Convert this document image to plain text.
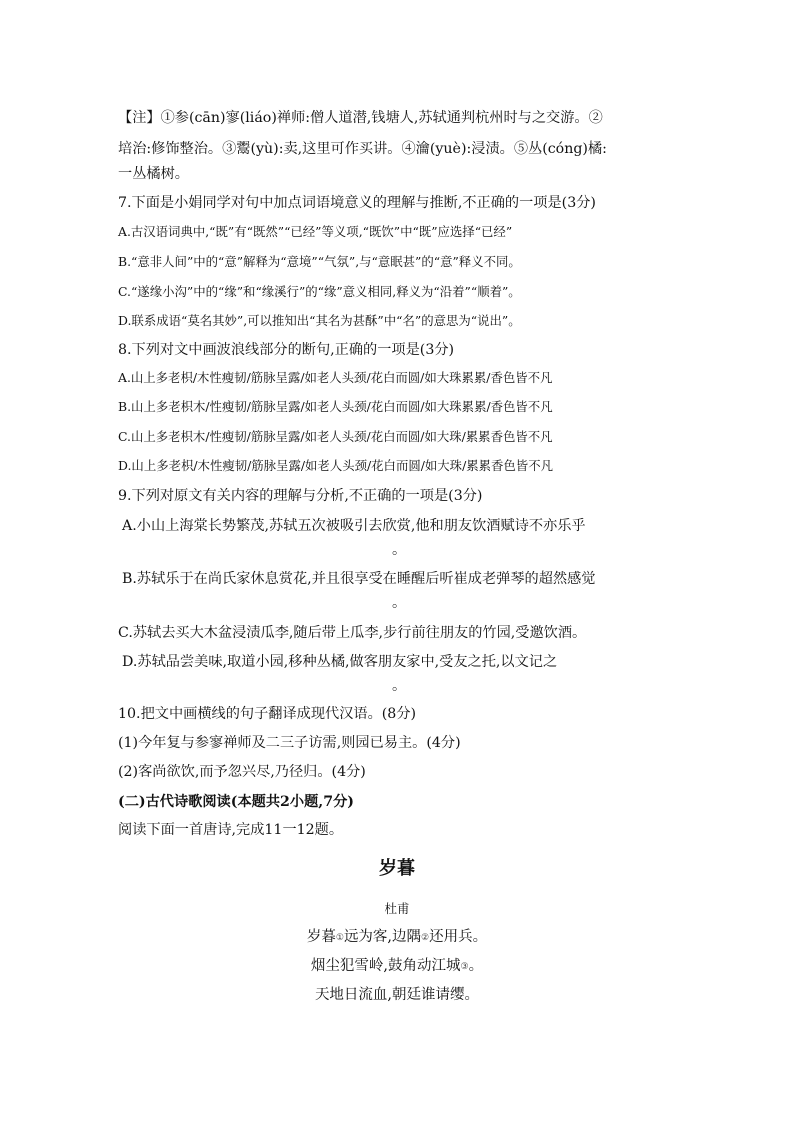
【注】①参(cān)寥(liáo)禅师:僧人道潜,钱塘人,苏轼通判杭州时与之交游。②
培治:修饰整治。③鬻(yù):卖,这里可作买讲。④瀹(yuè):浸渍。⑤丛(cóng)橘:
一丛橘树。
7.下面是小娟同学对句中加点词语境意义的理解与推断,不正确的一项是(3分)
A.古汉语词典中,“既”有“既然”“已经”等义项,“既饮”中“既”应选择“已经”
B.“意非人间”中的“意”解释为“意境”“气氛”,与“意眠甚”的“意”释义不同。
C.“遂缘小沟”中的“缘”和“缘溪行”的“缘”意义相同,释义为“沿着”“顺着”。
D.联系成语“莫名其妙”,可以推知出“其名为甚酥”中“名”的意思为“说出”。
8.下列对文中画波浪线部分的断句,正确的一项是(3分)
A.山上多老枳/木性瘦韧/筋脉呈露/如老人头颈/花白而圆/如大珠累累/香色皆不凡
B.山上多老枳木/性瘦韧/筋脉呈露/如老人头颈/花白而圆/如大珠累累/香色皆不凡
C.山上多老枳木/性瘦韧/筋脉呈露/如老人头颈/花白而圆/如大珠/累累香色皆不凡
D.山上多老枳/木性瘦韧/筋脉呈露/如老人头颈/花白而圆/如大珠/累累香色皆不凡
9.下列对原文有关内容的理解与分析,不正确的一项是(3分)
A.小山上海棠长势繁茂,苏轼五次被吸引去欣赏,他和朋友饮酒赋诗不亦乐乎
。
B.苏轼乐于在尚氏家休息赏花,并且很享受在睡醒后听崔成老弹琴的超然感觉
。
C.苏轼去买大木盆浸渍瓜李,随后带上瓜李,步行前往朋友的竹园,受邀饮酒。
D.苏轼品尝美味,取道小园,移种丛橘,做客朋友家中,受友之托,以文记之
。
10.把文中画横线的句子翻译成现代汉语。(8分)
(1)今年复与参寥禅师及二三子访需,则园已易主。(4分)
(2)客尚欲饮,而予忽兴尽,乃径归。(4分)
(二)古代诗歌阅读(本题共2小题,7分)
阅读下面一首唐诗,完成11一12题。
岁暮
杜甫
岁暮①远为客,边隅②还用兵。
烟尘犯雪岭,鼓角动江城③。
天地日流血,朝廷谁请缨。
